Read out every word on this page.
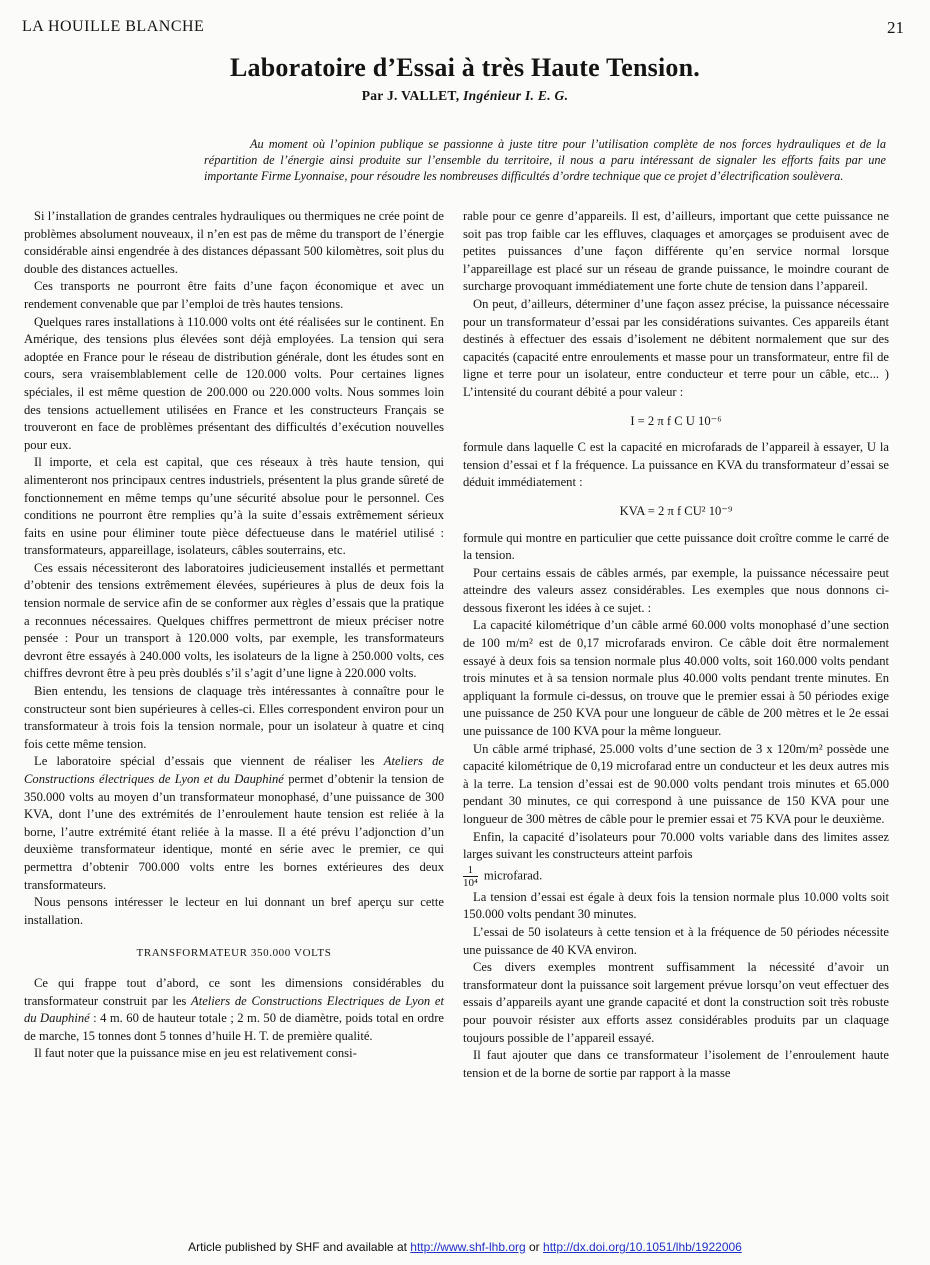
LA HOUILLE BLANCHE	21
Laboratoire d’Essai à très Haute Tension.
Par J. VALLET, Ingénieur I. E. G.
Au moment où l’opinion publique se passionne à juste titre pour l’utilisation complète de nos forces hydrauliques et de la répartition de l’énergie ainsi produite sur l’ensemble du territoire, il nous a paru intéressant de signaler les efforts faits par une importante Firme Lyonnaise, pour résoudre les nombreuses difficultés d’ordre technique que ce projet d’électrification soulèvera.

Si l’installation de grandes centrales hydrauliques ou thermiques ne crée point de problèmes absolument nouveaux, il n’en est pas de même du transport de l’énergie considérable ainsi engendrée à des distances dépassant 500 kilomètres, soit plus du double des distances actuelles.

Ces transports ne pourront être faits d’une façon économique et avec un rendement convenable que par l’emploi de très hautes tensions.

Quelques rares installations à 110.000 volts ont été réalisées sur le continent. En Amérique, des tensions plus élevées sont déjà employées. La tension qui sera adoptée en France pour le réseau de distribution générale, dont les études sont en cours, sera vraisemblablement celle de 120.000 volts. Pour certaines lignes spéciales, il est même question de 200.000 ou 220.000 volts. Nous sommes loin des tensions actuellement utilisées en France et les constructeurs Français se trouveront en face de problèmes présentant des difficultés d’exécution nouvelles pour eux.

Il importe, et cela est capital, que ces réseaux à très haute tension, qui alimenteront nos principaux centres industriels, présentent la plus grande sûreté de fonctionnement en même temps qu’une sécurité absolue pour le personnel. Ces conditions ne pourront être remplies qu’à la suite d’essais extrêmement sérieux faits en usine pour éliminer toute pièce défectueuse dans le matériel utilisé : transformateurs, appareillage, isolateurs, câbles souterrains, etc.

Ces essais nécessiteront des laboratoires judicieusement installés et permettant d’obtenir des tensions extrêmement élevées, supérieures à plus de deux fois la tension normale de service afin de se conformer aux règles d’essais que la pratique a reconnues nécessaires. Quelques chiffres permettront de mieux préciser notre pensée : Pour un transport à 120.000 volts, par exemple, les transformateurs devront être essayés à 240.000 volts, les isolateurs de la ligne à 250.000 volts, ces chiffres devront être à peu près doublés s’il s’agit d’une ligne à 220.000 volts.

Bien entendu, les tensions de claquage très intéressantes à connaître pour le constructeur sont bien supérieures à celles-ci. Elles correspondent environ pour un transformateur à trois fois la tension normale, pour un isolateur à quatre et cinq fois cette même tension.

Le laboratoire spécial d’essais que viennent de réaliser les Ateliers de Constructions électriques de Lyon et du Dauphiné permet d’obtenir la tension de 350.000 volts au moyen d’un transformateur monophasé, d’une puissance de 300 KVA, dont l’une des extrémités de l’enroulement haute tension est reliée à la borne, l’autre extrémité étant reliée à la masse. Il a été prévu l’adjonction d’un deuxième transformateur identique, monté en série avec le premier, ce qui permettra d’obtenir 700.000 volts entre les bornes extérieures des deux transformateurs.

Nous pensons intéresser le lecteur en lui donnant un bref aperçu sur cette installation.

TRANSFORMATEUR 350.000 VOLTS

Ce qui frappe tout d’abord, ce sont les dimensions considérables du transformateur construit par les Ateliers de Constructions Electriques de Lyon et du Dauphiné : 4 m. 60 de hauteur totale ; 2 m. 50 de diamètre, poids total en ordre de marche, 15 tonnes dont 5 tonnes d’huile H. T. de première qualité.

Il faut noter que la puissance mise en jeu est relativement consi-

rable pour ce genre d’appareils. Il est, d’ailleurs, important que cette puissance ne soit pas trop faible car les effluves, claquages et amorçages se produisent avec de petites puissances d’une façon différente qu’en service normal lorsque l’appareillage est placé sur un réseau de grande puissance, le moindre courant de surcharge provoquant immédiatement une forte chute de tension dans l’appareil.

On peut, d’ailleurs, déterminer d’une façon assez précise, la puissance nécessaire pour un transformateur d’essai par les considérations suivantes. Ces appareils étant destinés à effectuer des essais d’isolement ne débitent normalement que sur des capacités (capacité entre enroulements et masse pour un transformateur, entre fil de ligne et terre pour un isolateur, entre conducteur et terre pour un câble, etc... ) L’intensité du courant débité a pour valeur :

I = 2 π f C U 10⁻⁶

formule dans laquelle C est la capacité en microfarads de l’appareil à essayer, U la tension d’essai et f la fréquence. La puissance en KVA du transformateur d’essai se déduit immédiatement :

KVA = 2 π f CU² 10⁻⁹

formule qui montre en particulier que cette puissance doit croître comme le carré de la tension.

Pour certains essais de câbles armés, par exemple, la puissance nécessaire peut atteindre des valeurs assez considérables. Les exemples que nous donnons ci-dessous fixeront les idées à ce sujet. :

La capacité kilométrique d’un câble armé 60.000 volts monophasé d’une section de 100 m/m² est de 0,17 microfarads environ. Ce câble doit être normalement essayé à deux fois sa tension normale plus 40.000 volts, soit 160.000 volts pendant trois minutes et à sa tension normale plus 40.000 volts pendant trente minutes. En appliquant la formule ci-dessus, on trouve que le premier essai à 50 périodes exige une puissance de 250 KVA pour une longueur de câble de 200 mètres et le 2e essai une puissance de 100 KVA pour la même longueur.

Un câble armé triphasé, 25.000 volts d’une section de 3 x 120m/m² possède une capacité kilométrique de 0,19 microfarad entre un conducteur et les deux autres mis à la terre. La tension d’essai est de 90.000 volts pendant trois minutes et 65.000 pendant 30 minutes, ce qui correspond à une puissance de 150 KVA pour une longueur de 300 mètres de câble pour le premier essai et 75 KVA pour le deuxième.

Enfin, la capacité d’isolateurs pour 70.000 volts variable dans des limites assez larges suivant les constructeurs atteint parfois

$\frac{1}{\text{10⁴}}$ microfarad.

La tension d’essai est égale à deux fois la tension normale plus 10.000 volts soit 150.000 volts pendant 30 minutes.

L’essai de 50 isolateurs à cette tension et à la fréquence de 50 périodes nécessite une puissance de 40 KVA environ.

Ces divers exemples montrent suffisamment la nécessité d’avoir un transformateur dont la puissance soit largement prévue lorsqu’on veut effectuer des essais d’appareils ayant une grande capacité et dont la construction soit très robuste pour pouvoir résister aux efforts assez considérables produits par un claquage toujours possible de l’appareil essayé.

Il faut ajouter que dans ce transformateur l’isolement de l’enroulement haute tension et de la borne de sortie par rapport à la masse

Article published by SHF and available at http://www.shf-lhb.org or http://dx.doi.org/10.1051/lhb/1922006
